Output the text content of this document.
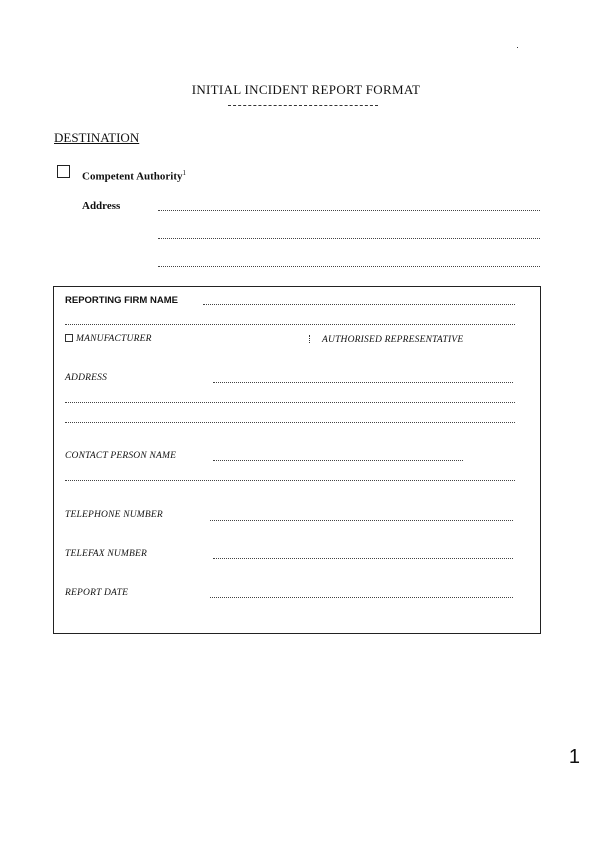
INITIAL INCIDENT REPORT FORMAT
DESTINATION
Competent Authority$^1$
Address
REPORTING FIRM NAME
MANUFACTURER	AUTHORISED REPRESENTATIVE
ADDRESS
CONTACT PERSON NAME
TELEPHONE NUMBER
TELEFAX NUMBER
REPORT DATE
1
